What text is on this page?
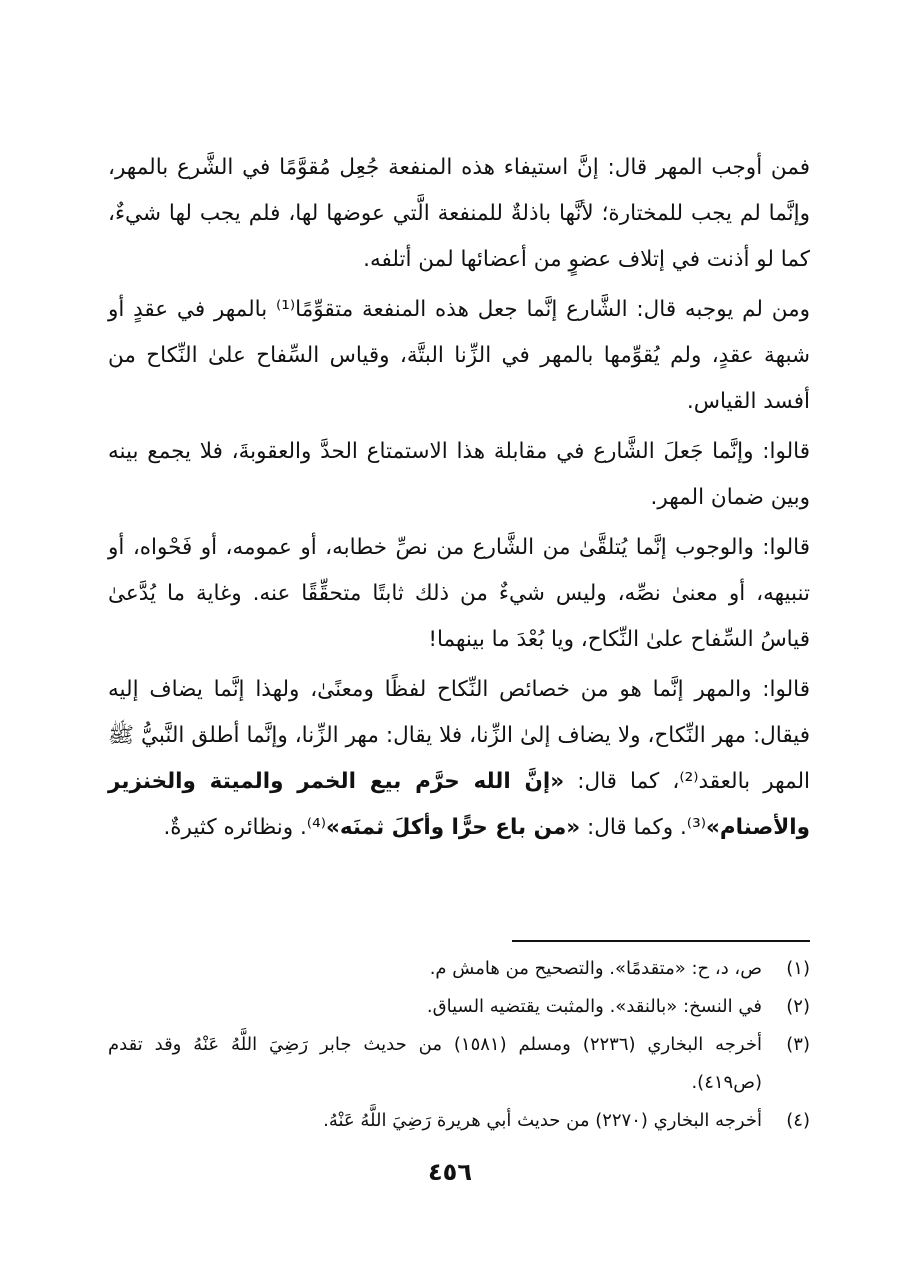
فمن أوجب المهر قال: إنَّ استيفاء هذه المنفعة جُعِل مُقوَّمًا في الشَّرع بالمهر، وإنَّما لم يجب للمختارة؛ لأنَّها باذلةٌ للمنفعة الَّتي عوضها لها، فلم يجب لها شيءٌ، كما لو أذنت في إتلاف عضوٍ من أعضائها لمن أتلفه.

ومن لم يوجبه قال: الشَّارع إنَّما جعل هذه المنفعة متقوِّمًا⁽¹⁾ بالمهر في عقدٍ أو شبهة عقدٍ، ولم يُقوِّمها بالمهر في الزِّنا البتَّة، وقياس السِّفاح علىٰ النِّكاح من أفسد القياس.

قالوا: وإنَّما جَعلَ الشَّارع في مقابلة هذا الاستمتاع الحدَّ والعقوبةَ، فلا يجمع بينه وبين ضمان المهر.

قالوا: والوجوب إنَّما يُتلقَّىٰ من الشَّارع من نصِّ خطابه، أو عمومه، أو فَحْواه، أو تنبيهه، أو معنىٰ نصِّه، وليس شيءٌ من ذلك ثابتًا متحقِّقًا عنه. وغاية ما يُدَّعىٰ قياسُ السِّفاح علىٰ النِّكاح، ويا بُعْدَ ما بينهما!

قالوا: والمهر إنَّما هو من خصائص النِّكاح لفظًا ومعنًىٰ، ولهذا إنَّما يضاف إليه فيقال: مهر النِّكاح، ولا يضاف إلىٰ الزِّنا، فلا يقال: مهر الزِّنا، وإنَّما أطلق النَّبيُّ ﷺ المهر بالعقد⁽²⁾، كما قال: «إنَّ الله حرَّم بيع الخمر والميتة والخنزير والأصنام»⁽³⁾. وكما قال: «من باع حرًّا وأكلَ ثمنَه»⁽⁴⁾. ونظائره كثيرةٌ.

(١)
ص، د، ح: «متقدمًا». والتصحيح من هامش م.
(٢)
في النسخ: «بالنقد». والمثبت يقتضيه السياق.
(٣)
أخرجه البخاري (٢٢٣٦) ومسلم (١٥٨١) من حديث جابر رَضِيَ اللَّهُ عَنْهُ وقد تقدم (ص٤١٩).
(٤)
أخرجه البخاري (٢٢٧٠) من حديث أبي هريرة رَضِيَ اللَّهُ عَنْهُ.
٤٥٦
